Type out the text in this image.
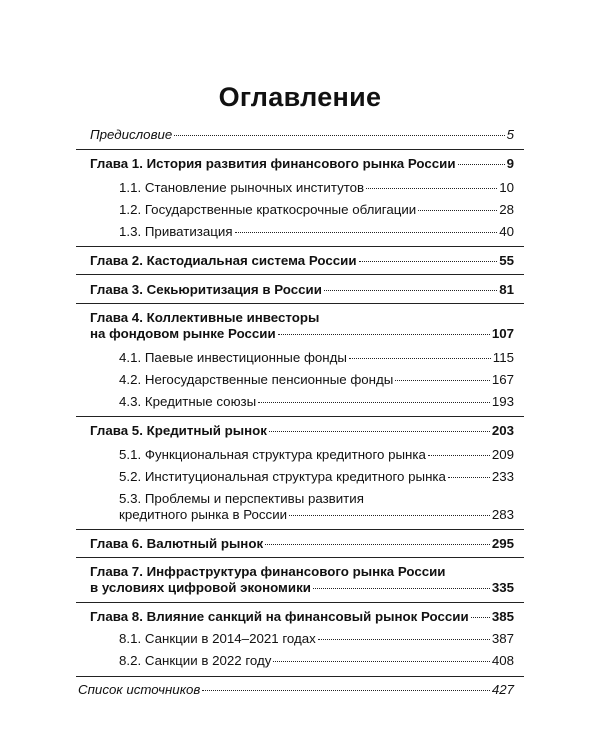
Оглавление
Предисловие	5
Глава 1. История развития финансового рынка России	9
1.1. Становление рыночных институтов	10
1.2. Государственные краткосрочные облигации	28
1.3. Приватизация	40
Глава 2. Кастодиальная система России	55
Глава 3. Секьюритизация в России	81
Глава 4. Коллективные инвесторы
на фондовом рынке России	107
4.1. Паевые инвестиционные фонды	115
4.2. Негосударственные пенсионные фонды	167
4.3. Кредитные союзы	193
Глава 5. Кредитный рынок	203
5.1. Функциональная структура кредитного рынка	209
5.2. Институциональная структура кредитного рынка	233
5.3. Проблемы и перспективы развития
кредитного рынка в России	283
Глава 6. Валютный рынок	295
Глава 7. Инфраструктура финансового рынка России
в условиях цифровой экономики	335
Глава 8. Влияние санкций на финансовый рынок России 385
8.1. Санкции в 2014–2021 годах	387
8.2. Санкции в 2022 году	408
Список источников	427
